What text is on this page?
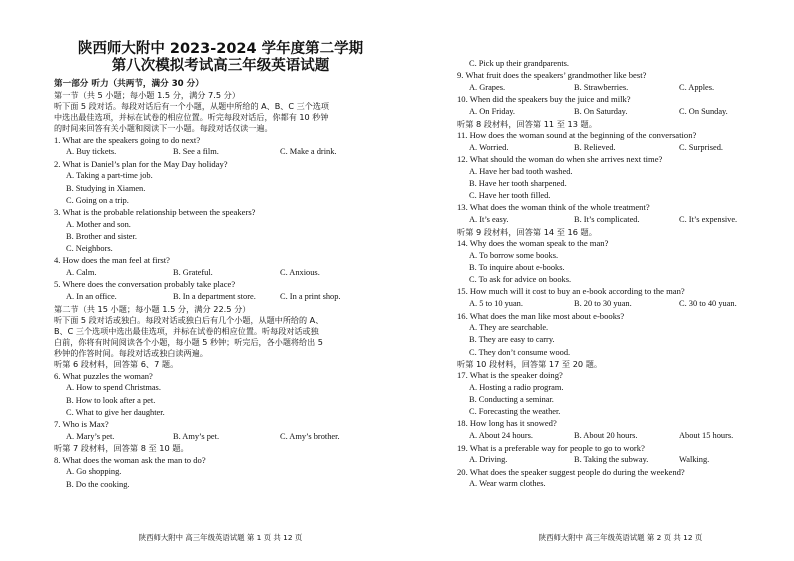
陕西师大附中 2023-2024 学年度第二学期
第八次模拟考试高三年级英语试题
第一部分 听力（共两节，满分 30 分）
第一节（共 5 小题；每小题 1.5 分，满分 7.5 分）
听下面 5 段对话。每段对话后有一个小题，从题中所给的 A、B、C 三个选项
中选出最佳选项，并标在试卷的相应位置。听完每段对话后，你都有 10 秒钟
的时间来回答有关小题和阅读下一小题。每段对话仅读一遍。
1. What are the speakers going to do next?
A. Buy tickets.	B. See a film.	C. Make a drink.
2. What is Daniel’s plan for the May Day holiday?
A. Taking a part-time job.
B. Studying in Xiamen.
C. Going on a trip.
3. What is the probable relationship between the speakers?
A. Mother and son.
B. Brother and sister.
C. Neighbors.
4. How does the man feel at first?
A. Calm.	B. Grateful.	C. Anxious.
5. Where does the conversation probably take place?
A. In an office.	B. In a department store.	C. In a print shop.
第二节（共 15 小题；每小题 1.5 分，满分 22.5 分）
听下面 5 段对话或独白。每段对话或独白后有几个小题，从题中所给的 A、
B、C 三个选项中选出最佳选项，并标在试卷的相应位置。听每段对话或独
白前，你将有时间阅读各个小题，每小题 5 秒钟；听完后，各小题将给出 5
秒钟的作答时间。每段对话或独白读两遍。
听第 6 段材料，回答第 6、7 题。
6. What puzzles the woman?
A. How to spend Christmas.
B. How to look after a pet.
C. What to give her daughter.
7. Who is Max?
A. Mary’s pet.	B. Amy’s pet.	C. Amy’s brother.
听第 7 段材料，回答第 8 至 10 题。
8. What does the woman ask the man to do?
A. Go shopping.
B. Do the cooking.
陕西师大附中 高三年级英语试题 第 1 页 共 12 页
C. Pick up their grandparents.
9. What fruit does the speakers’ grandmother like best?
A. Grapes.	B. Strawberries.	C. Apples.
10. When did the speakers buy the juice and milk?
A. On Friday.	B. On Saturday.	C. On Sunday.
听第 8 段材料，回答第 11 至 13 题。
11. How does the woman sound at the beginning of the conversation?
A. Worried.	B. Relieved.	C. Surprised.
12. What should the woman do when she arrives next time?
A. Have her bad tooth washed.
B. Have her tooth sharpened.
C. Have her tooth filled.
13. What does the woman think of the whole treatment?
A. It’s easy.	B. It’s complicated.	C. It’s expensive.
听第 9 段材料，回答第 14 至 16 题。
14. Why does the woman speak to the man?
A. To borrow some books.
B. To inquire about e-books.
C. To ask for advice on books.
15. How much will it cost to buy an e-book according to the man?
A. 5 to 10 yuan.	B. 20 to 30 yuan.	C. 30 to 40 yuan.
16. What does the man like most about e-books?
A. They are searchable.
B. They are easy to carry.
C. They don’t consume wood.
听第 10 段材料，回答第 17 至 20 题。
17. What is the speaker doing?
A. Hosting a radio program.
B. Conducting a seminar.
C. Forecasting the weather.
18. How long has it snowed?
A. About 24 hours.	B. About 20 hours.	About 15 hours.
19. What is a preferable way for people to go to work?
A. Driving.	B. Taking the subway.	Walking.
20. What does the speaker suggest people do during the weekend?
A. Wear warm clothes.
陕西师大附中 高三年级英语试题 第 2 页 共 12 页
